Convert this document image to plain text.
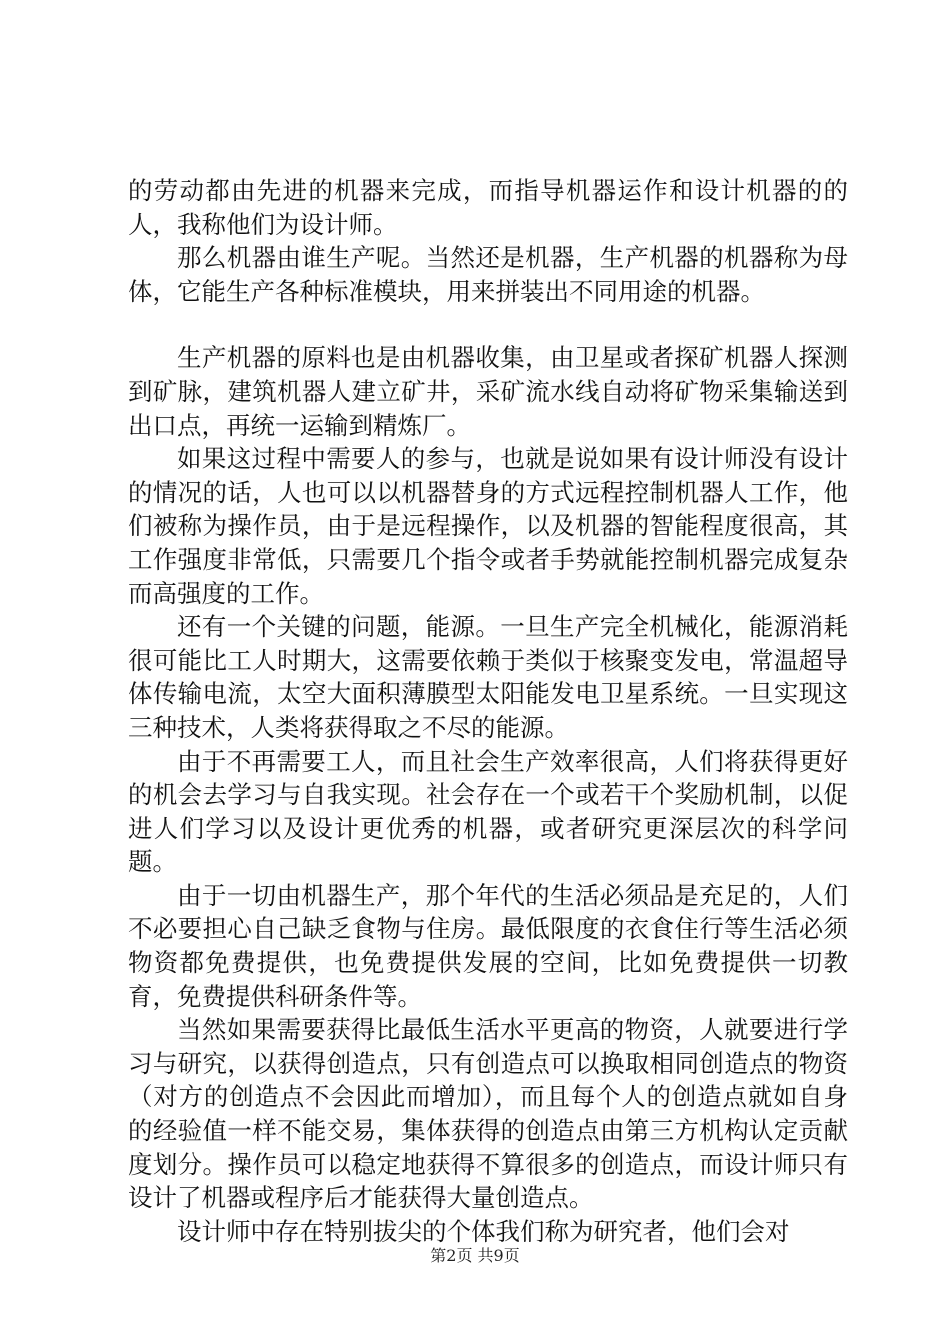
的劳动都由先进的机器来完成，而指导机器运作和设计机器的的人，我称他们为设计师。

那么机器由谁生产呢。当然还是机器，生产机器的机器称为母体，它能生产各种标准模块，用来拼装出不同用途的机器。

生产机器的原料也是由机器收集，由卫星或者探矿机器人探测到矿脉，建筑机器人建立矿井，采矿流水线自动将矿物采集输送到出口点，再统一运输到精炼厂。

如果这过程中需要人的参与，也就是说如果有设计师没有设计的情况的话，人也可以以机器替身的方式远程控制机器人工作，他们被称为操作员，由于是远程操作，以及机器的智能程度很高，其工作强度非常低，只需要几个指令或者手势就能控制机器完成复杂而高强度的工作。

还有一个关键的问题，能源。一旦生产完全机械化，能源消耗很可能比工人时期大，这需要依赖于类似于核聚变发电，常温超导体传输电流，太空大面积薄膜型太阳能发电卫星系统。一旦实现这三种技术，人类将获得取之不尽的能源。

由于不再需要工人，而且社会生产效率很高，人们将获得更好的机会去学习与自我实现。社会存在一个或若干个奖励机制，以促进人们学习以及设计更优秀的机器，或者研究更深层次的科学问题。

由于一切由机器生产，那个年代的生活必须品是充足的，人们不必要担心自己缺乏食物与住房。最低限度的衣食住行等生活必须物资都免费提供，也免费提供发展的空间，比如免费提供一切教育，免费提供科研条件等。

当然如果需要获得比最低生活水平更高的物资，人就要进行学习与研究，以获得创造点，只有创造点可以换取相同创造点的物资（对方的创造点不会因此而增加），而且每个人的创造点就如自身的经验值一样不能交易，集体获得的创造点由第三方机构认定贡献度划分。操作员可以稳定地获得不算很多的创造点，而设计师只有设计了机器或程序后才能获得大量创造点。

设计师中存在特别拔尖的个体我们称为研究者，他们会对

第2页 共9页
